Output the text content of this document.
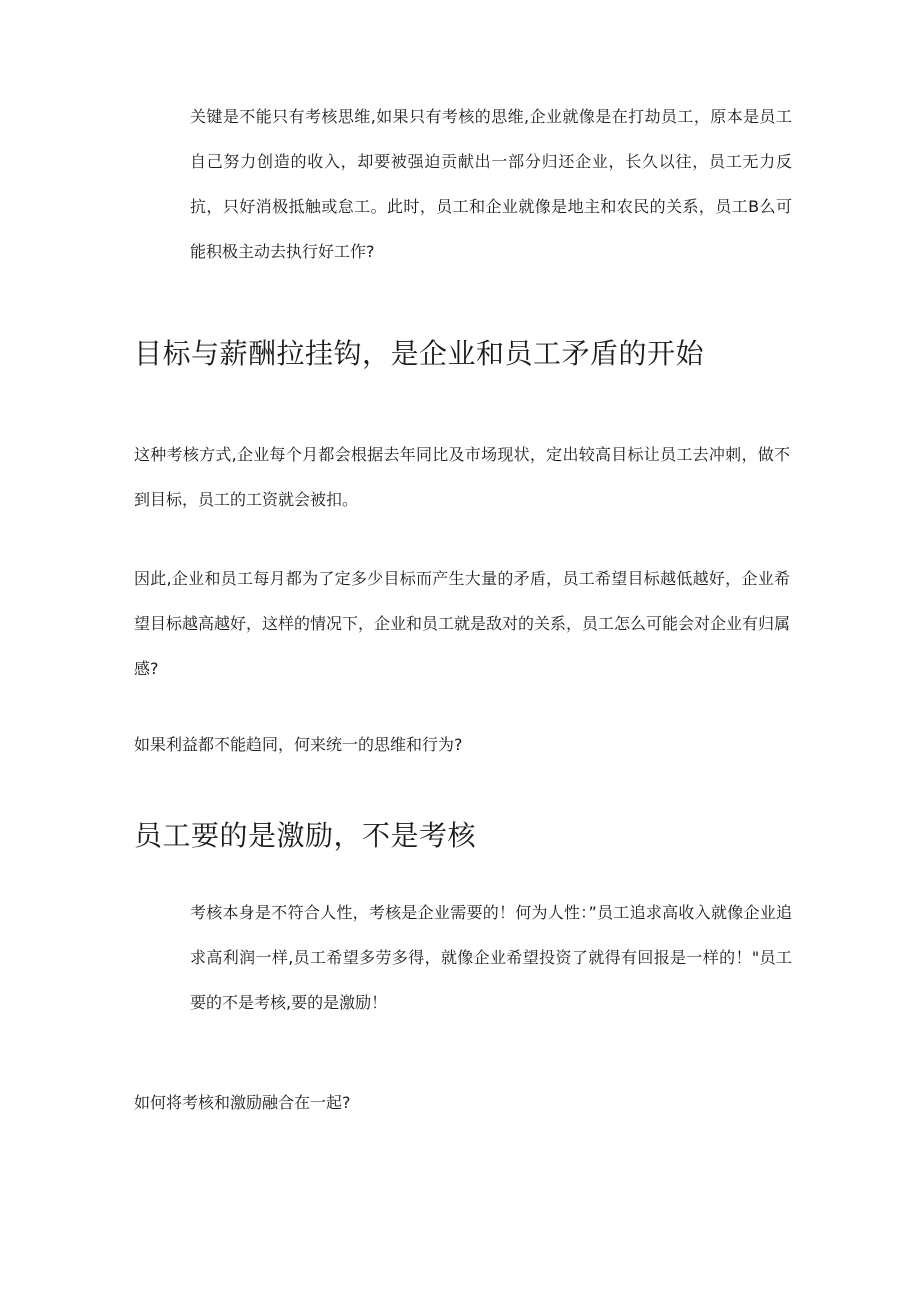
关键是不能只有考核思维,如果只有考核的思维,企业就像是在打劫员工，原本是员工自己努力创造的收入，却要被强迫贡献出一部分归还企业，长久以往，员工无力反抗，只好消极抵触或怠工。此时，员工和企业就像是地主和农民的关系，员工B么可能积极主动去执行好工作?

目标与薪酬拉挂钩，是企业和员工矛盾的开始

这种考核方式,企业每个月都会根据去年同比及市场现状，定出较高目标让员工去冲刺，做不到目标，员工的工资就会被扣。

因此,企业和员工每月都为了定多少目标而产生大量的矛盾，员工希望目标越低越好，企业希望目标越高越好，这样的情况下，企业和员工就是敌对的关系，员工怎么可能会对企业有归属感?

如果利益都不能趋同，何来统一的思维和行为?

员工要的是激励，不是考核

考核本身是不符合人性，考核是企业需要的！何为人性：”员工追求高收入就像企业追求高利润一样,员工希望多劳多得，就像企业希望投资了就得有回报是一样的！"员工要的不是考核,要的是激励！

如何将考核和激励融合在一起?
